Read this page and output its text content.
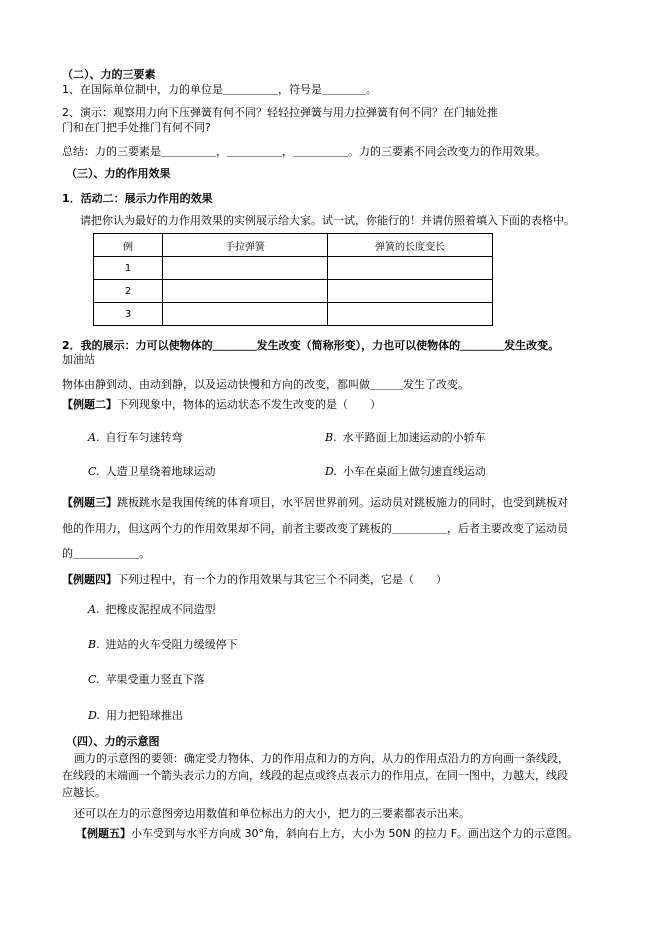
（二）、力的三要素
1、在国际单位制中，力的单位是＿＿＿＿＿，符号是＿＿＿＿。
2、演示：观察用力向下压弹簧有何不同？轻轻拉弹簧与用力拉弹簧有何不同？在门轴处推
门和在门把手处推门有何不同?
总结：力的三要素是＿＿＿＿＿，＿＿＿＿＿，＿＿＿＿＿。力的三要素不同会改变力的作用效果。
（三）、力的作用效果
1．活动二：展示力作用的效果
请把你认为最好的力作用效果的实例展示给大家。试一试，你能行的！并请仿照着填入下面的表格中。
例	手拉弹簧	弹簧的长度变长
1		
2		
3		
2．我的展示：力可以使物体的＿＿＿＿发生改变（简称形变），力也可以使物体的＿＿＿＿发生改变。
加油站
物体由静到动、由动到静，以及运动快慢和方向的改变，都叫做＿＿＿发生了改变。
【例题二】下列现象中，物体的运动状态不发生改变的是（　　）
A. 自行车匀速转弯	B. 水平路面上加速运动的小轿车
C. 人造卫星绕着地球运动	D. 小车在桌面上做匀速直线运动
【例题三】跳板跳水是我国传统的体育项目，水平居世界前列。运动员对跳板施力的同时，也受到跳板对
他的作用力，但这两个力的作用效果却不同，前者主要改变了跳板的＿＿＿＿＿，后者主要改变了运动员
的＿＿＿＿＿＿。
【例题四】下列过程中，有一个力的作用效果与其它三个不同类，它是（　　）
A. 把橡皮泥捏成不同造型
B. 进站的火车受阻力缓缓停下
C. 苹果受重力竖直下落
D. 用力把铅球推出
（四）、力的示意图
画力的示意图的要领：确定受力物体、力的作用点和力的方向，从力的作用点沿力的方向画一条线段，
在线段的末端画一个箭头表示力的方向，线段的起点或终点表示力的作用点，在同一图中，力越大，线段
应越长。
还可以在力的示意图旁边用数值和单位标出力的大小，把力的三要素都表示出来。
【例题五】小车受到与水平方向成 30°角，斜向右上方，大小为 50N 的拉力 F。画出这个力的示意图。
